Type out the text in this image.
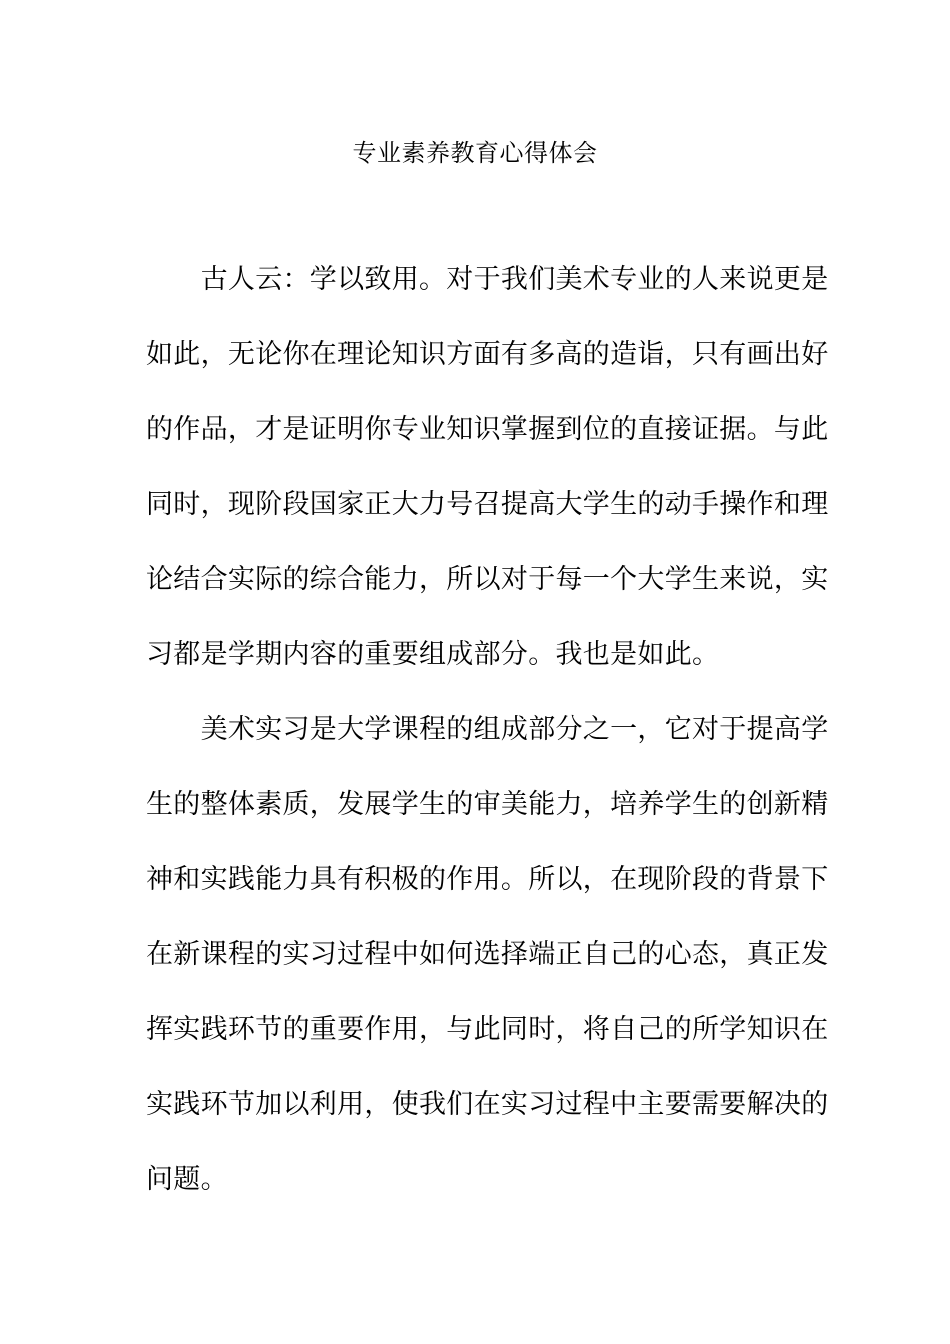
专业素养教育心得体会
　　古人云：学以致用。对于我们美术专业的人来说更是
如此，无论你在理论知识方面有多高的造诣，只有画出好
的作品，才是证明你专业知识掌握到位的直接证据。与此
同时，现阶段国家正大力号召提高大学生的动手操作和理
论结合实际的综合能力，所以对于每一个大学生来说，实
习都是学期内容的重要组成部分。我也是如此。
　　美术实习是大学课程的组成部分之一，它对于提高学
生的整体素质，发展学生的审美能力，培养学生的创新精
神和实践能力具有积极的作用。所以，在现阶段的背景下
在新课程的实习过程中如何选择端正自己的心态，真正发
挥实践环节的重要作用，与此同时，将自己的所学知识在
实践环节加以利用，使我们在实习过程中主要需要解决的
问题。
